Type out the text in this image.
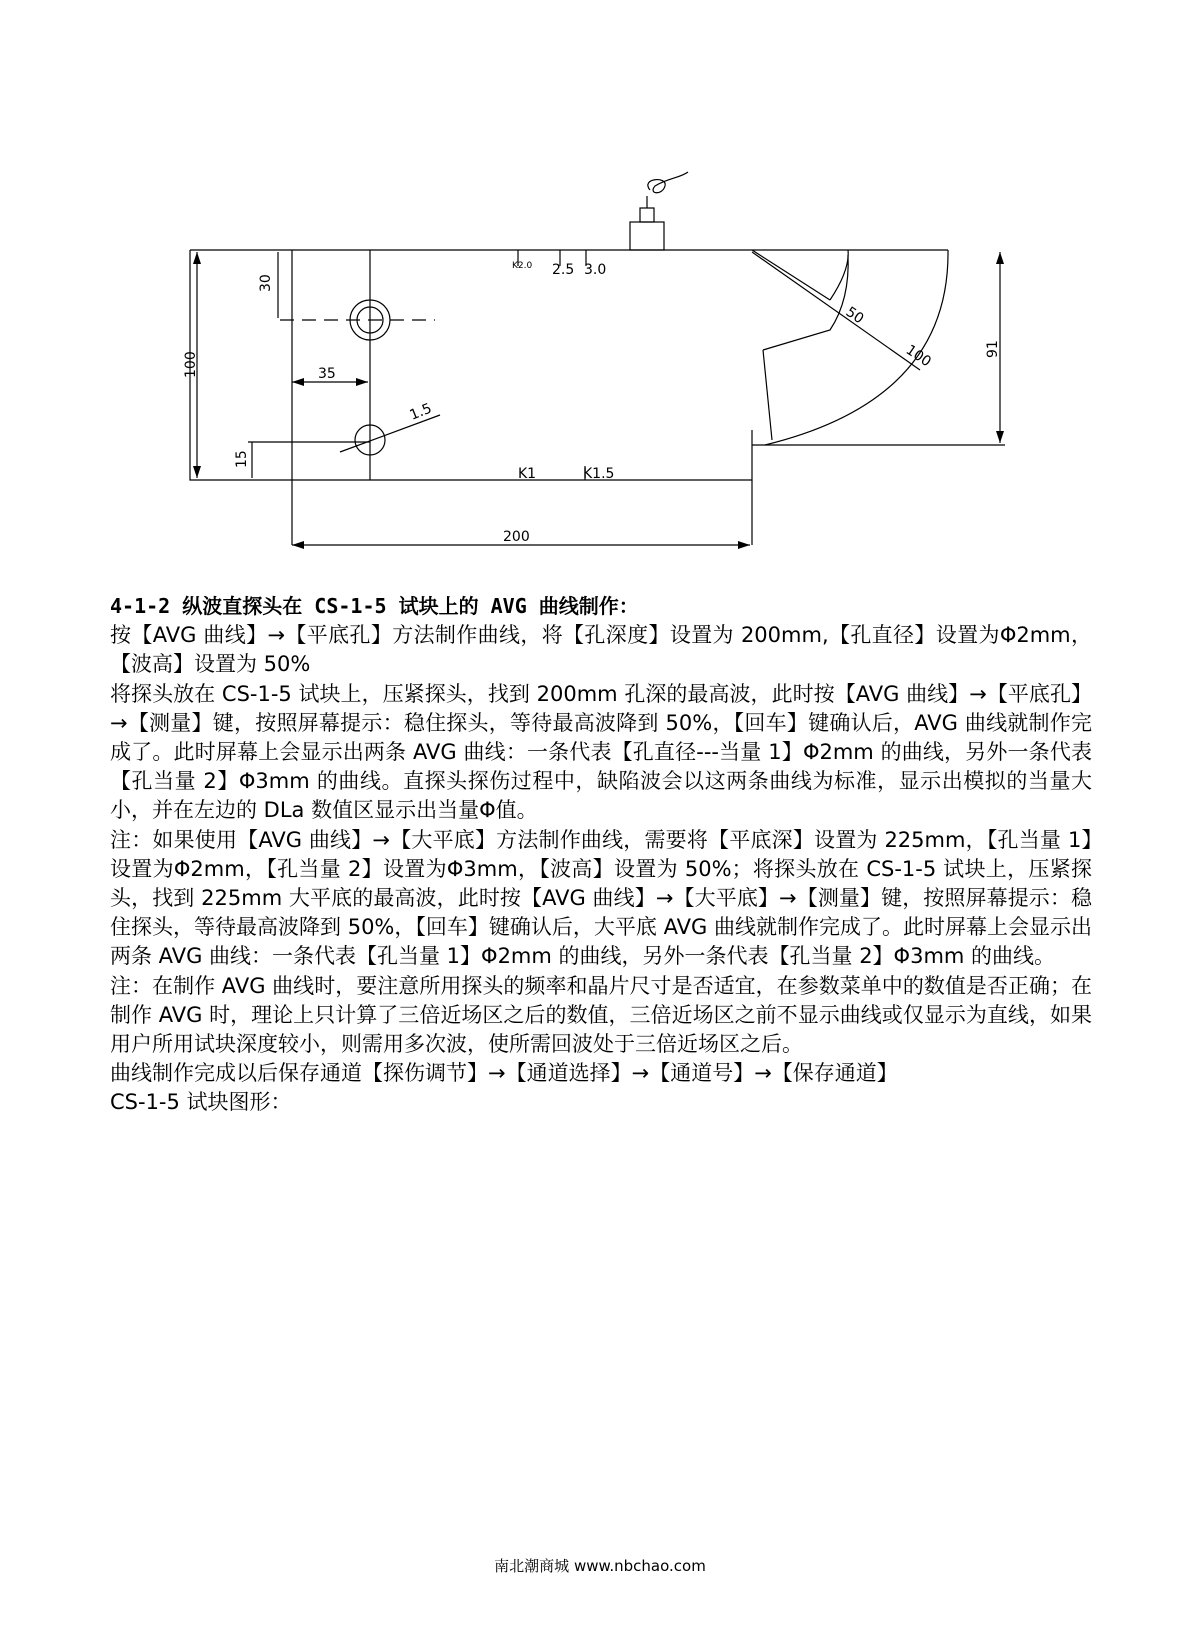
100
30
35
1.5
15
200
50
100	91
K2.0 2.5 3.0
K1	K1.5

4-1-2 纵波直探头在 CS-1-5 试块上的 AVG 曲线制作：

按【AVG 曲线】→【平底孔】方法制作曲线，将【孔深度】设置为 200mm,【孔直径】设置为Φ2mm，【波高】设置为 50%

将探头放在 CS-1-5 试块上，压紧探头，找到 200mm 孔深的最高波，此时按【AVG 曲线】→【平底孔】→【测量】键，按照屏幕提示：稳住探头，等待最高波降到 50%，【回车】键确认后，AVG 曲线就制作完成了。此时屏幕上会显示出两条 AVG 曲线：一条代表【孔直径---当量 1】Φ2mm 的曲线，另外一条代表【孔当量 2】Φ3mm 的曲线。直探头探伤过程中，缺陷波会以这两条曲线为标准，显示出模拟的当量大小，并在左边的 DLa 数值区显示出当量Φ值。

注：如果使用【AVG 曲线】→【大平底】方法制作曲线，需要将【平底深】设置为 225mm，【孔当量 1】设置为Φ2mm，【孔当量 2】设置为Φ3mm，【波高】设置为 50%；将探头放在 CS-1-5 试块上，压紧探头，找到 225mm 大平底的最高波，此时按【AVG 曲线】→【大平底】→【测量】键，按照屏幕提示：稳住探头，等待最高波降到 50%，【回车】键确认后，大平底 AVG 曲线就制作完成了。此时屏幕上会显示出两条 AVG 曲线：一条代表【孔当量 1】Φ2mm 的曲线，另外一条代表【孔当量 2】Φ3mm 的曲线。

注：在制作 AVG 曲线时，要注意所用探头的频率和晶片尺寸是否适宜，在参数菜单中的数值是否正确；在制作 AVG 时，理论上只计算了三倍近场区之后的数值，三倍近场区之前不显示曲线或仅显示为直线，如果用户所用试块深度较小，则需用多次波，使所需回波处于三倍近场区之后。

曲线制作完成以后保存通道【探伤调节】→【通道选择】→【通道号】→【保存通道】

CS-1-5 试块图形：

南北潮商城 www.nbchao.com
